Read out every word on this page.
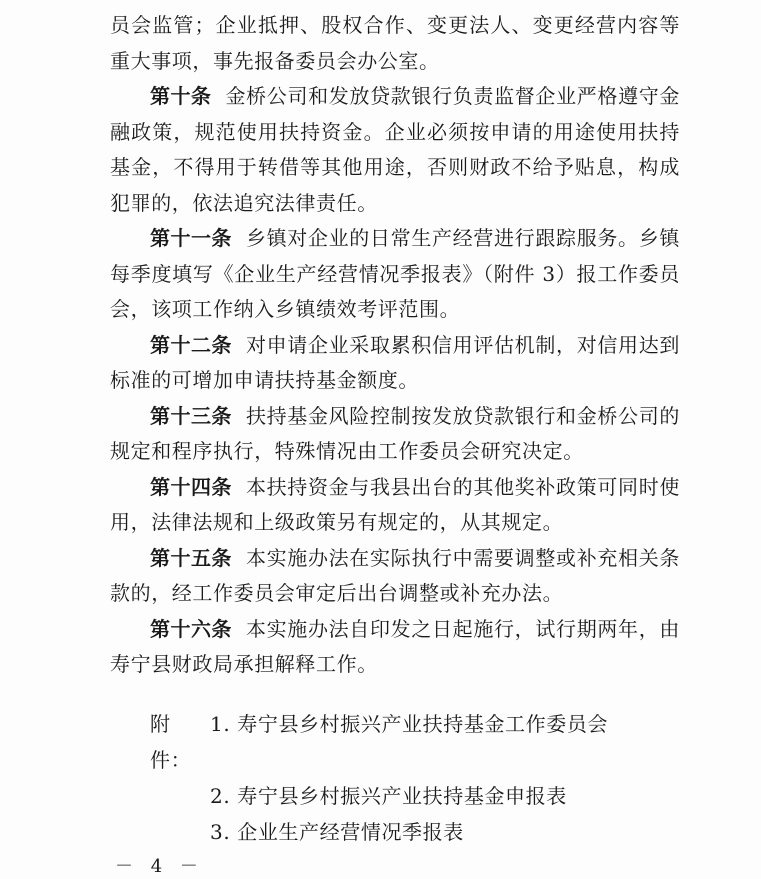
员会监管；企业抵押、股权合作、变更法人、变更经营内容等重大事项，事先报备委员会办公室。

第十条 金桥公司和发放贷款银行负责监督企业严格遵守金融政策，规范使用扶持资金。企业必须按申请的用途使用扶持基金，不得用于转借等其他用途，否则财政不给予贴息，构成犯罪的，依法追究法律责任。

第十一条 乡镇对企业的日常生产经营进行跟踪服务。乡镇每季度填写《企业生产经营情况季报表》（附件 3）报工作委员会，该项工作纳入乡镇绩效考评范围。

第十二条 对申请企业采取累积信用评估机制，对信用达到标准的可增加申请扶持基金额度。

第十三条 扶持基金风险控制按发放贷款银行和金桥公司的规定和程序执行，特殊情况由工作委员会研究决定。

第十四条 本扶持资金与我县出台的其他奖补政策可同时使用，法律法规和上级政策另有规定的，从其规定。

第十五条 本实施办法在实际执行中需要调整或补充相关条款的，经工作委员会审定后出台调整或补充办法。

第十六条 本实施办法自印发之日起施行，试行期两年，由寿宁县财政局承担解释工作。

附件：
1. 寿宁县乡村振兴产业扶持基金工作委员会
2. 寿宁县乡村振兴产业扶持基金申报表
3. 企业生产经营情况季报表
－ 4 －
